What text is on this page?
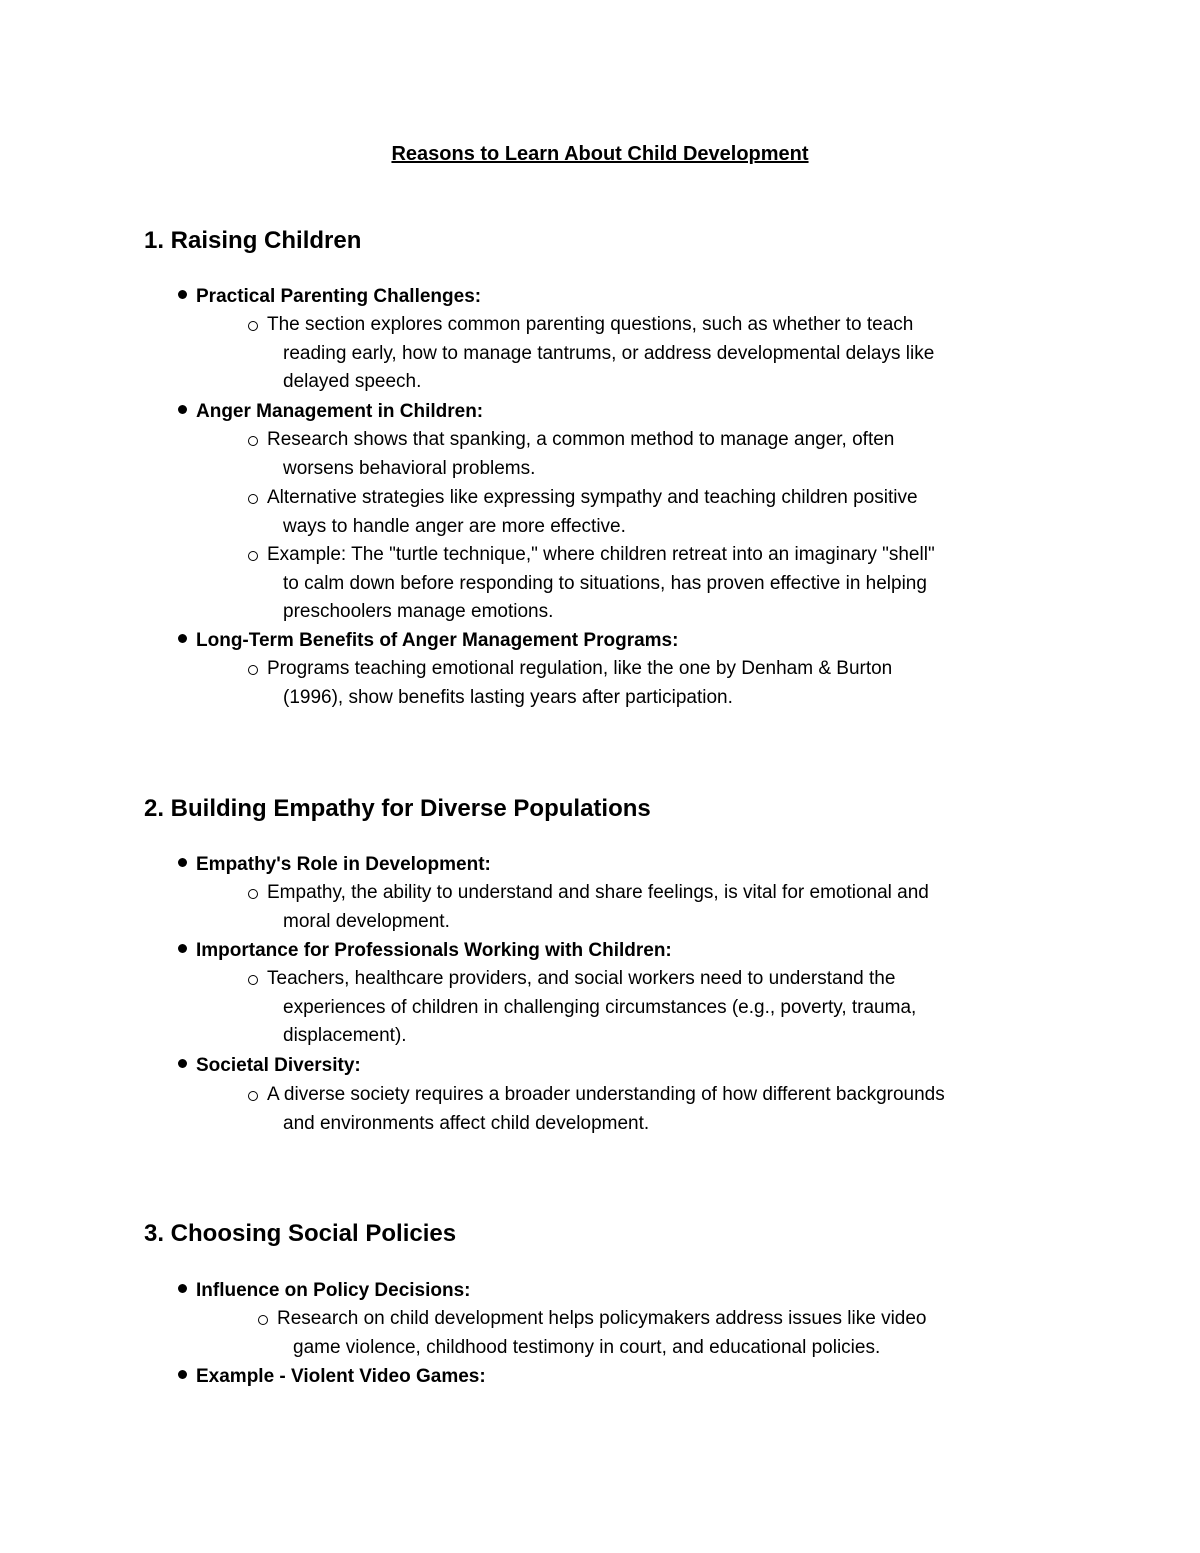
Reasons to Learn About Child Development
1. Raising Children
Practical Parenting Challenges:
The section explores common parenting questions, such as whether to teach
reading early, how to manage tantrums, or address developmental delays like
delayed speech.
Anger Management in Children:
Research shows that spanking, a common method to manage anger, often
worsens behavioral problems.
Alternative strategies like expressing sympathy and teaching children positive
ways to handle anger are more effective.
Example: The "turtle technique," where children retreat into an imaginary "shell"
to calm down before responding to situations, has proven effective in helping
preschoolers manage emotions.
Long-Term Benefits of Anger Management Programs:
Programs teaching emotional regulation, like the one by Denham & Burton
(1996), show benefits lasting years after participation.
2. Building Empathy for Diverse Populations
Empathy's Role in Development:
Empathy, the ability to understand and share feelings, is vital for emotional and
moral development.
Importance for Professionals Working with Children:
Teachers, healthcare providers, and social workers need to understand the
experiences of children in challenging circumstances (e.g., poverty, trauma,
displacement).
Societal Diversity:
A diverse society requires a broader understanding of how different backgrounds
and environments affect child development.
3. Choosing Social Policies
Influence on Policy Decisions:
Research on child development helps policymakers address issues like video
game violence, childhood testimony in court, and educational policies.
Example - Violent Video Games:
